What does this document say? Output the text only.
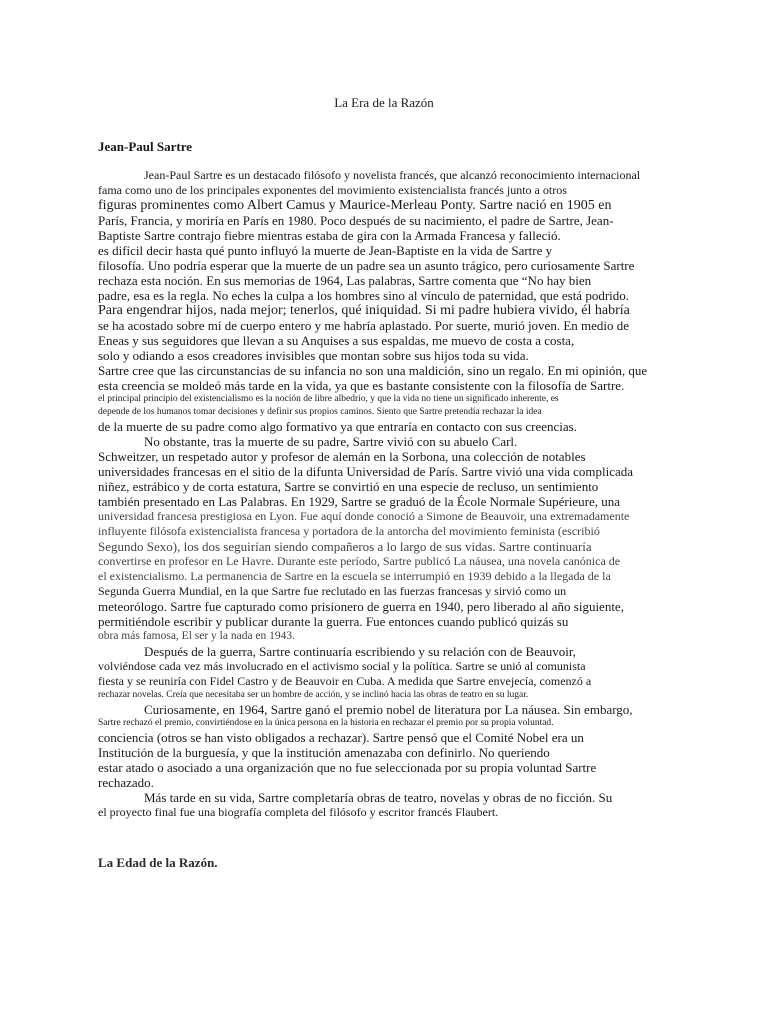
La Era de la Razón
Jean-Paul Sartre
Jean-Paul Sartre es un destacado filósofo y novelista francés, que alcanzó reconocimiento internacional
fama como uno de los principales exponentes del movimiento existencialista francés junto a otros
figuras prominentes como Albert Camus y Maurice-Merleau Ponty. Sartre nació en 1905 en
París, Francia, y moriría en París en 1980. Poco después de su nacimiento, el padre de Sartre, Jean-
Baptiste Sartre contrajo fiebre mientras estaba de gira con la Armada Francesa y falleció.
es difícil decir hasta qué punto influyó la muerte de Jean-Baptiste en la vida de Sartre y
filosofía. Uno podría esperar que la muerte de un padre sea un asunto trágico, pero curiosamente Sartre
rechaza esta noción. En sus memorias de 1964, Las palabras, Sartre comenta que “No hay bien
padre, esa es la regla. No eches la culpa a los hombres sino al vínculo de paternidad, que está podrido.
Para engendrar hijos, nada mejor; tenerlos, qué iniquidad. Si mi padre hubiera vivido, él habría
se ha acostado sobre mí de cuerpo entero y me habría aplastado. Por suerte, murió joven. En medio de
Eneas y sus seguidores que llevan a su Anquises a sus espaldas, me muevo de costa a costa,
solo y odiando a esos creadores invisibles que montan sobre sus hijos toda su vida.
Sartre cree que las circunstancias de su infancia no son una maldición, sino un regalo. En mi opinión, que
esta creencia se moldeó más tarde en la vida, ya que es bastante consistente con la filosofía de Sartre.
el principal principio del existencialismo es la noción de libre albedrío, y que la vida no tiene un significado inherente, es
depende de los humanos tomar decisiones y definir sus propios caminos. Siento que Sartre pretendía rechazar la idea
de la muerte de su padre como algo formativo ya que entraría en contacto con sus creencias.
No obstante, tras la muerte de su padre, Sartre vivió con su abuelo Carl.
Schweitzer, un respetado autor y profesor de alemán en la Sorbona, una colección de notables
universidades francesas en el sitio de la difunta Universidad de París. Sartre vivió una vida complicada
niñez, estrábico y de corta estatura, Sartre se convirtió en una especie de recluso, un sentimiento
también presentado en Las Palabras. En 1929, Sartre se graduó de la École Normale Supérieure, una
universidad francesa prestigiosa en Lyon. Fue aquí donde conoció a Simone de Beauvoir, una extremadamente
influyente filósofa existencialista francesa y portadora de la antorcha del movimiento feminista (escribió
Segundo Sexo), los dos seguirían siendo compañeros a lo largo de sus vidas. Sartre continuaría
convertirse en profesor en Le Havre. Durante este período, Sartre publicó La náusea, una novela canónica de
el existencialismo. La permanencia de Sartre en la escuela se interrumpió en 1939 debido a la llegada de la
Segunda Guerra Mundial, en la que Sartre fue reclutado en las fuerzas francesas y sirvió como un
meteorólogo. Sartre fue capturado como prisionero de guerra en 1940, pero liberado al año siguiente,
permitiéndole escribir y publicar durante la guerra. Fue entonces cuando publicó quizás su
obra más famosa, El ser y la nada en 1943.
Después de la guerra, Sartre continuaría escribiendo y su relación con de Beauvoir,
volviéndose cada vez más involucrado en el activismo social y la política. Sartre se unió al comunista
fiesta y se reuniría con Fidel Castro y de Beauvoir en Cuba. A medida que Sartre envejecía, comenzó a
rechazar novelas. Creía que necesitaba ser un hombre de acción, y se inclinó hacia las obras de teatro en su lugar.
Curiosamente, en 1964, Sartre ganó el premio nobel de literatura por La náusea. Sin embargo,
Sartre rechazó el premio, convirtiéndose en la única persona en la historia en rechazar el premio por su propia voluntad.
conciencia (otros se han visto obligados a rechazar). Sartre pensó que el Comité Nobel era un
Institución de la burguesía, y que la institución amenazaba con definirlo. No queriendo
estar atado o asociado a una organización que no fue seleccionada por su propia voluntad Sartre
rechazado.
Más tarde en su vida, Sartre completaría obras de teatro, novelas y obras de no ficción. Su
el proyecto final fue una biografía completa del filósofo y escritor francés Flaubert.
La Edad de la Razón.
